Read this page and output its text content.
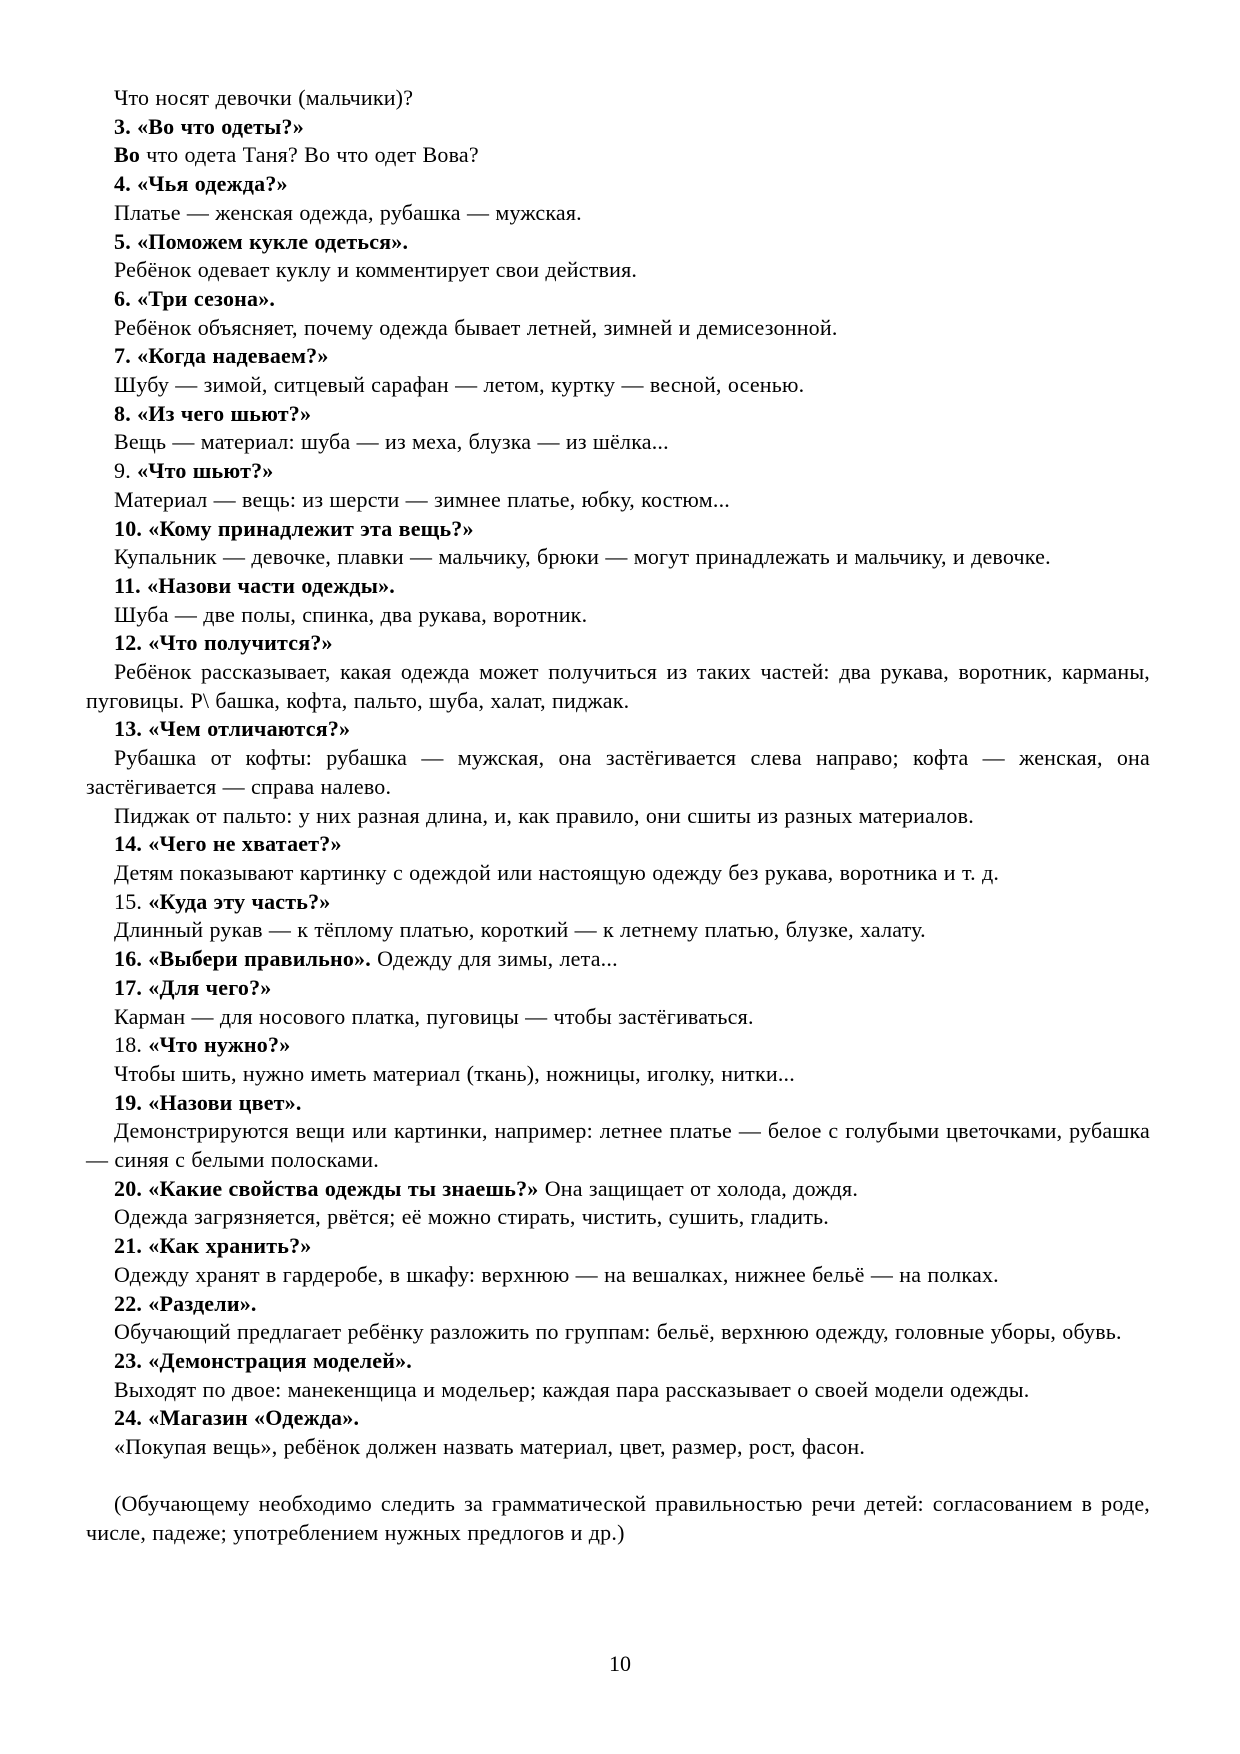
Что носят девочки (мальчики)?

3. «Во что одеты?»

Во что одета Таня? Во что одет Вова?

4. «Чья одежда?»

Платье — женская одежда, рубашка — мужская.

5. «Поможем кукле одеться».

Ребёнок одевает куклу и комментирует свои действия.

6. «Три сезона».

Ребёнок объясняет, почему одежда бывает летней, зимней и демисезонной.

7. «Когда надеваем?»

Шубу — зимой, ситцевый сарафан — летом, куртку — весной, осенью.

8. «Из чего шьют?»

Вещь — материал: шуба — из меха, блузка — из шёлка...

9. «Что шьют?»

Материал — вещь: из шерсти — зимнее платье, юбку, костюм...

10. «Кому принадлежит эта вещь?»

Купальник — девочке, плавки — мальчику, брюки — могут принадлежать и мальчику, и девочке.

11. «Назови части одежды».

Шуба — две полы, спинка, два рукава, воротник.

12. «Что получится?»

Ребёнок рассказывает, какая одежда может получиться из таких частей: два рукава, воротник, карманы, пуговицы. Р\ башка, кофта, пальто, шуба, халат, пиджак.

13. «Чем отличаются?»

Рубашка от кофты: рубашка — мужская, она застёгивается слева направо; кофта — женская, она застёгивается — справа налево.

Пиджак от пальто: у них разная длина, и, как правило, они сшиты из разных материалов.

14. «Чего не хватает?»

Детям показывают картинку с одеждой или настоящую одежду без рукава, воротника и т. д.

15. «Куда эту часть?»

Длинный рукав — к тёплому платью, короткий — к летнему платью, блузке, халату.

16. «Выбери правильно». Одежду для зимы, лета...

17. «Для чего?»

Карман — для носового платка, пуговицы — чтобы застёгиваться.

18. «Что нужно?»

Чтобы шить, нужно иметь материал (ткань), ножницы, иголку, нитки...

19. «Назови цвет».

Демонстрируются вещи или картинки, например: летнее платье — белое с голубыми цветочками, рубашка — синяя с белыми полосками.

20. «Какие свойства одежды ты знаешь?» Она защищает от холода, дождя.

Одежда загрязняется, рвётся; её можно стирать, чистить, сушить, гладить.

21. «Как хранить?»

Одежду хранят в гардеробе, в шкафу: верхнюю — на вешалках, нижнее бельё — на полках.

22. «Раздели».

Обучающий предлагает ребёнку разложить по группам: бельё, верхнюю одежду, головные уборы, обувь.

23. «Демонстрация моделей».

Выходят по двое: манекенщица и модельер; каждая пара рассказывает о своей модели одежды.

24. «Магазин «Одежда».

«Покупая вещь», ребёнок должен назвать материал, цвет, размер, рост, фасон.

(Обучающему необходимо следить за грамматической правильностью речи детей: согласованием в роде, числе, падеже; употреблением нужных предлогов и др.)

10
